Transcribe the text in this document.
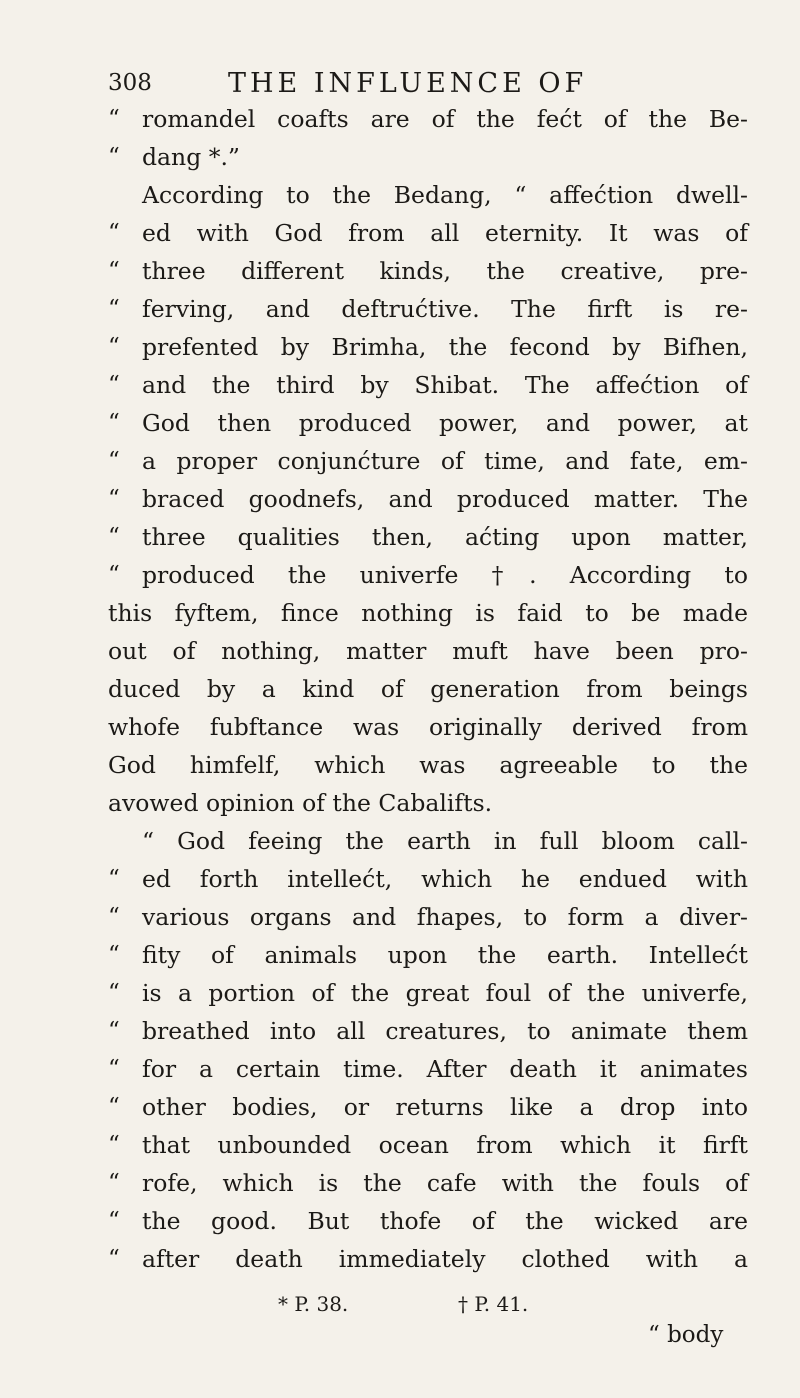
308	THE INFLUENCE OF
“ romandel coafts are of the fećt of the Be-
“ dang *.”
According to the Bedang, “ affećtion dwell-
“ ed with God from all eternity. It was of
“ three different kinds, the creative, pre-
“ ferving, and deftrućtive. The firft is re-
“ prefented by Brimha, the fecond by Bifhen,
“ and the third by Shibat. The affećtion of
“ God then produced power, and power, at
“ a proper conjunćture of time, and fate, em-
“ braced goodnefs, and produced matter. The
“ three qualities then, aćting upon matter,
“ produced the univerfe †. According to
this fyftem, fince nothing is faid to be made
out of nothing, matter muft have been pro-
duced by a kind of generation from beings
whofe fubftance was originally derived from
God himfelf, which was agreeable to the
avowed opinion of the Cabalifts.
“ God feeing the earth in full bloom call-
“ ed forth intellećt, which he endued with
“ various organs and fhapes, to form a diver-
“ fity of animals upon the earth. Intellećt
“ is a portion of the great foul of the univerfe,
“ breathed into all creatures, to animate them
“ for a certain time. After death it animates
“ other bodies, or returns like a drop into
“ that unbounded ocean from which it firft
“ rofe, which is the cafe with the fouls of
“ the good. But thofe of the wicked are
“ after death immediately clothed with a
* P. 38.	† P. 41.
“ body
